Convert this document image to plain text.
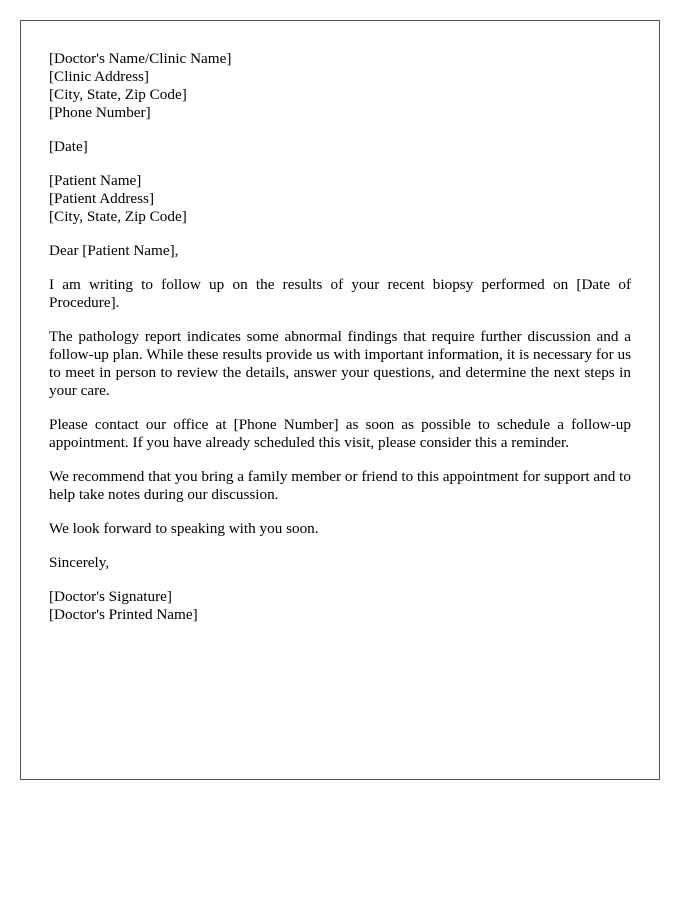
[Doctor's Name/Clinic Name]
[Clinic Address]
[City, State, Zip Code]
[Phone Number]
[Date]
[Patient Name]
[Patient Address]
[City, State, Zip Code]

Dear [Patient Name],

I am writing to follow up on the results of your recent biopsy performed on [Date of Procedure].

The pathology report indicates some abnormal findings that require further discussion and a follow-up plan. While these results provide us with important information, it is necessary for us to meet in person to review the details, answer your questions, and determine the next steps in your care.

Please contact our office at [Phone Number] as soon as possible to schedule a follow-up appointment. If you have already scheduled this visit, please consider this a reminder.

We recommend that you bring a family member or friend to this appointment for support and to help take notes during our discussion.

We look forward to speaking with you soon.

Sincerely,

[Doctor's Signature]
[Doctor's Printed Name]
